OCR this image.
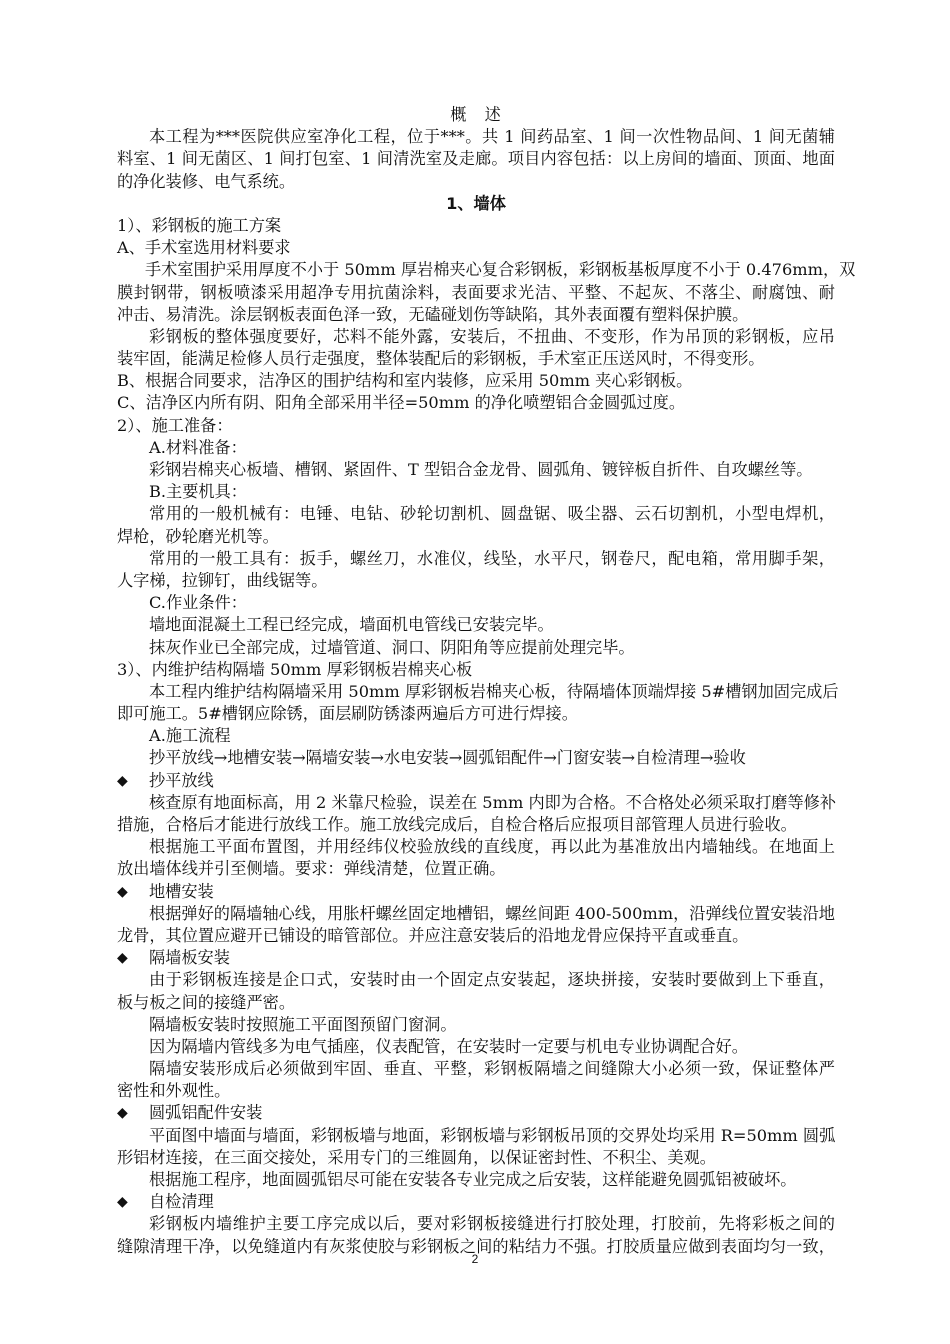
概　述
本工程为***医院供应室净化工程，位于***。共 1 间药品室、1 间一次性物品间、1 间无菌辅
料室、1 间无菌区、1 间打包室、1 间清洗室及走廊。项目内容包括：以上房间的墙面、顶面、地面
的净化装修、电气系统。
1、墙体
1）、彩钢板的施工方案
A、手术室选用材料要求
手术室围护采用厚度不小于 50mm 厚岩棉夹心复合彩钢板，彩钢板基板厚度不小于 0.476mm，双
膜封钢带，钢板喷漆采用超净专用抗菌涂料，表面要求光洁、平整、不起灰、不落尘、耐腐蚀、耐
冲击、易清洗。涂层钢板表面色泽一致，无磕碰划伤等缺陷，其外表面覆有塑料保护膜。
彩钢板的整体强度要好，芯料不能外露，安装后，不扭曲、不变形，作为吊顶的彩钢板，应吊
装牢固，能满足检修人员行走强度，整体装配后的彩钢板，手术室正压送风时，不得变形。
B、根据合同要求，洁净区的围护结构和室内装修，应采用 50mm 夹心彩钢板。
C、洁净区内所有阴、阳角全部采用半径=50mm 的净化喷塑铝合金圆弧过度。
2）、施工准备：
A.材料准备：
彩钢岩棉夹心板墙、槽钢、紧固件、T 型铝合金龙骨、圆弧角、镀锌板自折件、自攻螺丝等。
B.主要机具：
常用的一般机械有：电锤、电钻、砂轮切割机、圆盘锯、吸尘器、云石切割机，小型电焊机，
焊枪，砂轮磨光机等。
常用的一般工具有：扳手，螺丝刀，水准仪，线坠，水平尺，钢卷尺，配电箱，常用脚手架，
人字梯，拉铆钉，曲线锯等。
C.作业条件：
墙地面混凝土工程已经完成，墙面机电管线已安装完毕。
抹灰作业已全部完成，过墙管道、洞口、阴阳角等应提前处理完毕。
3）、内维护结构隔墙 50mm 厚彩钢板岩棉夹心板
本工程内维护结构隔墙采用 50mm 厚彩钢板岩棉夹心板，待隔墙体顶端焊接 5#槽钢加固完成后
即可施工。5#槽钢应除锈，面层刷防锈漆两遍后方可进行焊接。
A.施工流程
抄平放线→地槽安装→隔墙安装→水电安装→圆弧铝配件→门窗安装→自检清理→验收
◆	抄平放线
核查原有地面标高，用 2 米靠尺检验，误差在 5mm 内即为合格。不合格处必须采取打磨等修补
措施，合格后才能进行放线工作。施工放线完成后，自检合格后应报项目部管理人员进行验收。
根据施工平面布置图，并用经纬仪校验放线的直线度，再以此为基准放出内墙轴线。在地面上
放出墙体线并引至侧墙。要求：弹线清楚，位置正确。
◆	地槽安装
根据弹好的隔墙轴心线，用胀杆螺丝固定地槽铝，螺丝间距 400-500mm，沿弹线位置安装沿地
龙骨，其位置应避开已铺设的暗管部位。并应注意安装后的沿地龙骨应保持平直或垂直。
◆	隔墙板安装
由于彩钢板连接是企口式，安装时由一个固定点安装起，逐块拼接，安装时要做到上下垂直，
板与板之间的接缝严密。
隔墙板安装时按照施工平面图预留门窗洞。
因为隔墙内管线多为电气插座，仪表配管，在安装时一定要与机电专业协调配合好。
隔墙安装形成后必须做到牢固、垂直、平整，彩钢板隔墙之间缝隙大小必须一致，保证整体严
密性和外观性。
◆	圆弧铝配件安装
平面图中墙面与墙面，彩钢板墙与地面，彩钢板墙与彩钢板吊顶的交界处均采用 R=50mm 圆弧
形铝材连接，在三面交接处，采用专门的三维圆角，以保证密封性、不积尘、美观。
根据施工程序，地面圆弧铝尽可能在安装各专业完成之后安装，这样能避免圆弧铝被破坏。
◆	自检清理
彩钢板内墙维护主要工序完成以后，要对彩钢板接缝进行打胶处理，打胶前，先将彩板之间的
缝隙清理干净，以免缝道内有灰浆使胶与彩钢板之间的粘结力不强。打胶质量应做到表面均匀一致，
2
